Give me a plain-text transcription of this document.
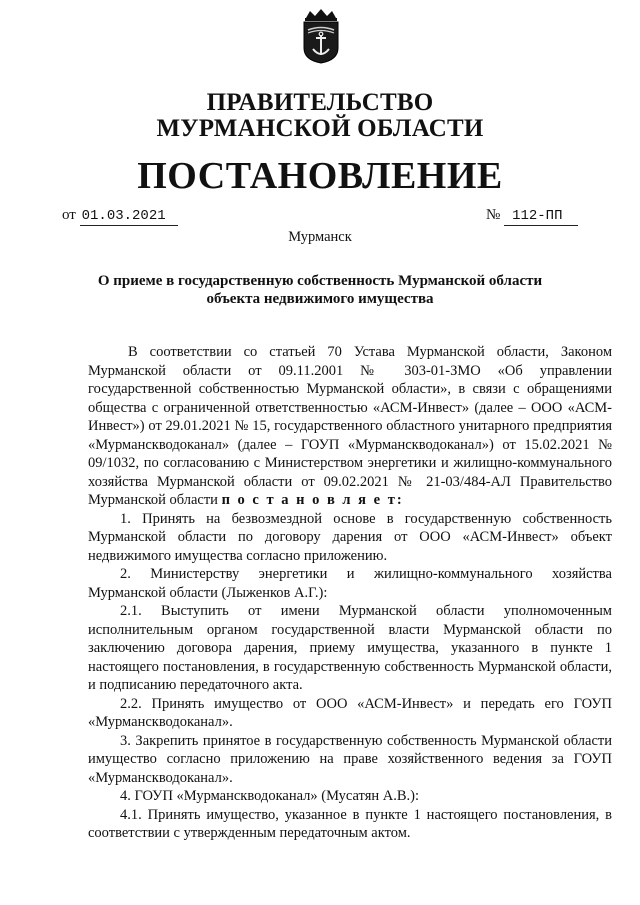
ПРАВИТЕЛЬСТВО
МУРМАНСКОЙ ОБЛАСТИ
ПОСТАНОВЛЕНИЕ
от 01.03.2021	№ 112-ПП
Мурманск
О приеме в государственную собственность Мурманской области
объекта недвижимого имущества

В соответствии со статьей 70 Устава Мурманской области, Законом Мурманской области от 09.11.2001 № 303-01-ЗМО «Об управлении государственной собственностью Мурманской области», в связи с обращениями общества с ограниченной ответственностью «АСМ-Инвест» (далее – ООО «АСМ-Инвест») от 29.01.2021 № 15, государственного областного унитарного предприятия «Мурманскводоканал» (далее – ГОУП «Мурманскводоканал») от 15.02.2021 № 09/1032, по согласованию с Министерством энергетики и жилищно-коммунального хозяйства Мурманской области от 09.02.2021 № 21-03/484-АЛ Правительство Мурманской области п о с т а н о в л я е т:

1. Принять на безвозмездной основе в государственную собственность Мурманской области по договору дарения от ООО «АСМ-Инвест» объект недвижимого имущества согласно приложению.

2. Министерству энергетики и жилищно-коммунального хозяйства Мурманской области (Лыженков А.Г.):

2.1. Выступить от имени Мурманской области уполномоченным исполнительным органом государственной власти Мурманской области по заключению договора дарения, приему имущества, указанного в пункте 1 настоящего постановления, в государственную собственность Мурманской области, и подписанию передаточного акта.

2.2. Принять имущество от ООО «АСМ-Инвест» и передать его ГОУП «Мурманскводоканал».

3. Закрепить принятое в государственную собственность Мурманской области имущество согласно приложению на праве хозяйственного ведения за ГОУП «Мурманскводоканал».

4. ГОУП «Мурманскводоканал» (Мусатян А.В.):

4.1. Принять имущество, указанное в пункте 1 настоящего постановления, в соответствии с утвержденным передаточным актом.
